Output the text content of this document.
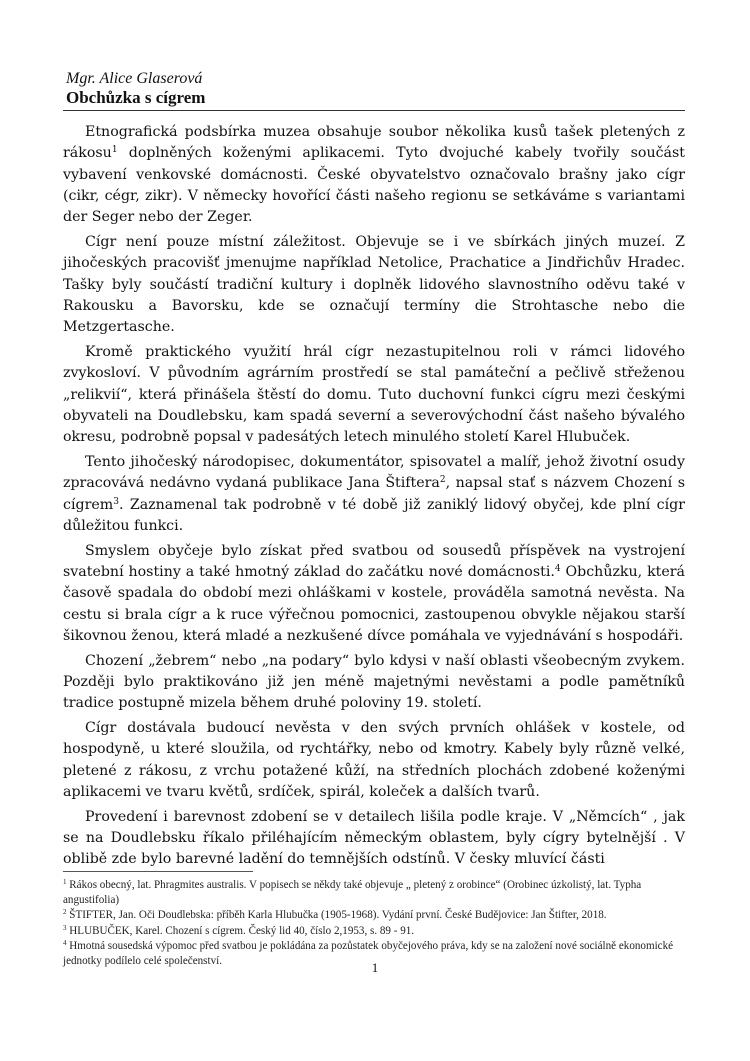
Mgr. Alice Glaserová
Obchůzka s cígrem

Etnografická podsbírka muzea obsahuje soubor několika kusů tašek pletených z rákosu$^1$ doplněných koženými aplikacemi. Tyto dvojuché kabely tvořily součást vybavení venkovské domácnosti. České obyvatelstvo označovalo brašny jako cígr (cikr, cégr, zikr). V německy hovořící části našeho regionu se setkáváme s variantami der Seger nebo der Zeger.

Cígr není pouze místní záležitost. Objevuje se i ve sbírkách jiných muzeí. Z jihočeských pracovišť jmenujme například Netolice, Prachatice a Jindřichův Hradec. Tašky byly součástí tradiční kultury i doplněk lidového slavnostního oděvu také v Rakousku a Bavorsku, kde se označují termíny die Strohtasche nebo die Metzgertasche.

Kromě praktického využití hrál cígr nezastupitelnou roli v rámci lidového zvykosloví. V původním agrárním prostředí se stal památeční a pečlivě střeženou „relikvií“, která přinášela štěstí do domu. Tuto duchovní funkci cígru mezi českými obyvateli na Doudlebsku, kam spadá severní a severovýchodní část našeho bývalého okresu, podrobně popsal v padesátých letech minulého století Karel Hlubuček.

Tento jihočeský národopisec, dokumentátor, spisovatel a malíř, jehož životní osudy zpracovává nedávno vydaná publikace Jana Štiftera$^2$, napsal stať s názvem Chození s cígrem$^3$. Zaznamenal tak podrobně v té době již zaniklý lidový obyčej, kde plní cígr důležitou funkci.

Smyslem obyčeje bylo získat před svatbou od sousedů příspěvek na vystrojení svatební hostiny a také hmotný základ do začátku nové domácnosti.$^4$ Obchůzku, která časově spadala do období mezi ohláškami v kostele, prováděla samotná nevěsta. Na cestu si brala cígr a k ruce výřečnou pomocnici, zastoupenou obvykle nějakou starší šikovnou ženou, která mladé a nezkušené dívce pomáhala ve vyjednávání s hospodáři.

Chození „žebrem“ nebo „na podary“ bylo kdysi v naší oblasti všeobecným zvykem. Později bylo praktikováno již jen méně majetnými nevěstami a podle pamětníků tradice postupně mizela během druhé poloviny 19. století.

Cígr dostávala budoucí nevěsta v den svých prvních ohlášek v kostele, od hospodyně, u které sloužila, od rychtářky, nebo od kmotry. Kabely byly různě velké, pletené z rákosu, z vrchu potažené kůží, na středních plochách zdobené koženými aplikacemi ve tvaru květů, srdíček, spirál, koleček a dalších tvarů.

Provedení i barevnost zdobení se v detailech lišila podle kraje. V „Němcích“ , jak se na Doudlebsku říkalo přiléhajícím německým oblastem, byly cígry bytelnější . V oblibě zde bylo barevné ladění do temnějších odstínů. V česky mluvící části

$^1$ Rákos obecný, lat. Phragmites australis. V popisech se někdy také objevuje „ pletený z orobince“ (Orobinec úzkolistý, lat. Typha angustifolia)

$^2$ ŠTIFTER, Jan. Oči Doudlebska: příběh Karla Hlubučka (1905-1968). Vydání první. České Budějovice: Jan Štifter, 2018.

$^3$ HLUBUČEK, Karel. Chození s cígrem. Český lid 40, číslo 2,1953, s. 89 - 91.

$^4$ Hmotná sousedská výpomoc před svatbou je pokládána za pozůstatek obyčejového práva, kdy se na založení nové sociálně ekonomické jednotky podílelo celé společenství.	1
